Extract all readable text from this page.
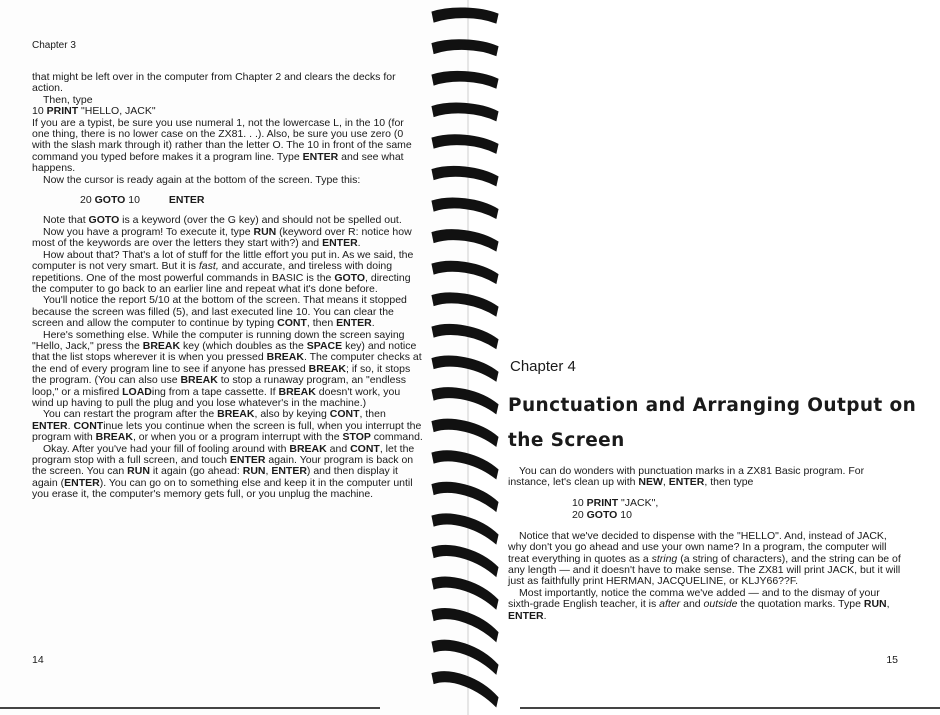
Chapter 3

that might be left over in the computer from Chapter 2 and clears the decks for action.

Then, type

10 PRINT "HELLO, JACK"

If you are a typist, be sure you use numeral 1, not the lowercase L, in the 10 (for one thing, there is no lower case on the ZX81. . .). Also, be sure you use zero (0 with the slash mark through it) rather than the letter O. The 10 in front of the same command you typed before makes it a program line. Type ENTER and see what happens.

Now the cursor is ready again at the bottom of the screen. Type this:

20 GOTO 10	ENTER

Note that GOTO is a keyword (over the G key) and should not be spelled out.

Now you have a program! To execute it, type RUN (keyword over R: notice how most of the keywords are over the letters they start with?) and ENTER.

How about that? That's a lot of stuff for the little effort you put in. As we said, the computer is not very smart. But it is fast, and accurate, and tireless with doing repetitions. One of the most powerful commands in BASIC is the GOTO, directing the computer to go back to an earlier line and repeat what it's done before.

You'll notice the report 5/10 at the bottom of the screen. That means it stopped because the screen was filled (5), and last executed line 10. You can clear the screen and allow the computer to continue by typing CONT, then ENTER.

Here's something else. While the computer is running down the screen saying "Hello, Jack," press the BREAK key (which doubles as the SPACE key) and notice that the list stops wherever it is when you pressed BREAK. The computer checks at the end of every program line to see if anyone has pressed BREAK; if so, it stops the program. (You can also use BREAK to stop a runaway program, an "endless loop," or a misfired LOADing from a tape cassette. If BREAK doesn't work, you wind up having to pull the plug and you lose whatever's in the machine.)

You can restart the program after the BREAK, also by keying CONT, then ENTER. CONTinue lets you continue when the screen is full, when you interrupt the program with BREAK, or when you or a program interrupt with the STOP command.

Okay. After you've had your fill of fooling around with BREAK and CONT, let the program stop with a full screen, and touch ENTER again. Your program is back on the screen. You can RUN it again (go ahead: RUN, ENTER) and then display it again (ENTER). You can go on to something else and keep it in the computer until you erase it, the computer's memory gets full, or you unplug the machine.

14	15
Chapter 4
Punctuation and Arranging Output on the Screen

You can do wonders with punctuation marks in a ZX81 Basic program. For instance, let's clean up with NEW, ENTER, then type

10 PRINT "JACK",
20 GOTO 10

Notice that we've decided to dispense with the "HELLO". And, instead of JACK, why don't you go ahead and use your own name? In a program, the computer will treat everything in quotes as a string (a string of characters), and the string can be of any length — and it doesn't have to make sense. The ZX81 will print JACK, but it will just as faithfully print HERMAN, JACQUELINE, or KLJY66??F.

Most importantly, notice the comma we've added — and to the dismay of your sixth-grade English teacher, it is after and outside the quotation marks. Type RUN, ENTER.
